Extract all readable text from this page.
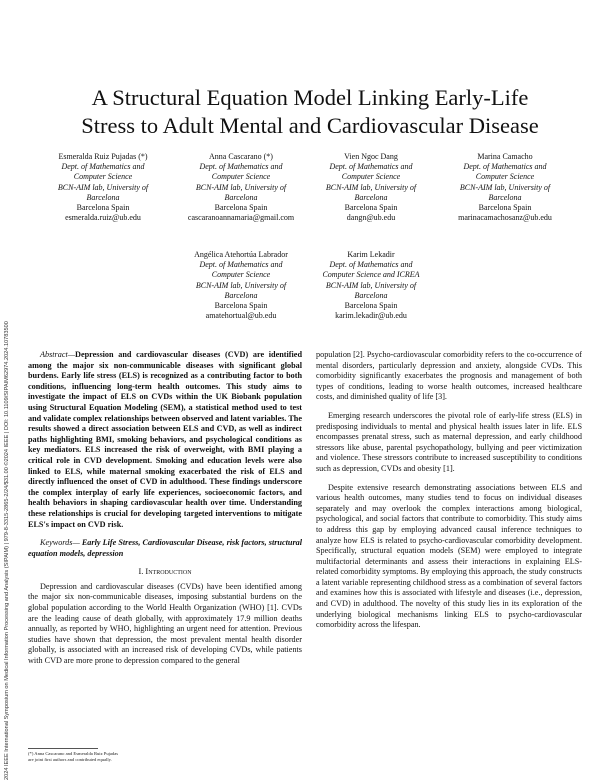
2024 IEEE International Symposium on Medical Information Processing and Analysis (SIPAIM) | 979-8-3315-2865-2/24/$31.00 ©2024 IEEE | DOI: 10.1109/SIPAIM62974.2024.10783500
A Structural Equation Model Linking Early-Life
Stress to Adult Mental and Cardiovascular Disease
Esmeralda Ruiz Pujadas (*)
Dept. of Mathematics and
Computer Science
BCN-AIM lab, University of
Barcelona
Barcelona Spain
esmeralda.ruiz@ub.edu
Anna Cascarano (*)
Dept. of Mathematics and
Computer Science
BCN-AIM lab, University of
Barcelona
Barcelona Spain
cascaranoannamaria@gmail.com
Vien Ngoc Dang
Dept. of Mathematics and
Computer Science
BCN-AIM lab, University of
Barcelona
Barcelona Spain
dangn@ub.edu
Marina Camacho
Dept. of Mathematics and
Computer Science
BCN-AIM lab, University of
Barcelona
Barcelona Spain
marinacamachosanz@ub.edu
Angélica Atehortúa Labrador
Dept. of Mathematics and
Computer Science
BCN-AIM lab, University of
Barcelona
Barcelona Spain
amatehortual@ub.edu
Karim Lekadir
Dept. of Mathematics and
Computer Science and ICREA
BCN-AIM lab, University of
Barcelona
Barcelona Spain
karim.lekadir@ub.edu

Abstract—Depression and cardiovascular diseases (CVD) are identified among the major six non-communicable diseases with significant global burdens. Early life stress (ELS) is recognized as a contributing factor to both conditions, influencing long-term health outcomes. This study aims to investigate the impact of ELS on CVDs within the UK Biobank population using Structural Equation Modeling (SEM), a statistical method used to test and validate complex relationships between observed and latent variables. The results showed a direct association between ELS and CVD, as well as indirect paths highlighting BMI, smoking behaviors, and psychological conditions as key mediators. ELS increased the risk of overweight, with BMI playing a critical role in CVD development. Smoking and education levels were also linked to ELS, while maternal smoking exacerbated the risk of ELS and directly influenced the onset of CVD in adulthood. These findings underscore the complex interplay of early life experiences, socioeconomic factors, and health behaviors in shaping cardiovascular health over time. Understanding these relationships is crucial for developing targeted interventions to mitigate ELS's impact on CVD risk.

Keywords— Early Life Stress, Cardiovascular Disease, risk factors, structural equation models, depression

I. Introduction

Depression and cardiovascular diseases (CVDs) have been identified among the major six non-communicable diseases, imposing substantial burdens on the global population according to the World Health Organization (WHO) [1]. CVDs are the leading cause of death globally, with approximately 17.9 million deaths annually, as reported by WHO, highlighting an urgent need for attention. Previous studies have shown that depression, the most prevalent mental health disorder globally, is associated with an increased risk of developing CVDs, while patients with CVD are more prone to depression compared to the general

population [2]. Psycho-cardiovascular comorbidity refers to the co-occurrence of mental disorders, particularly depression and anxiety, alongside CVDs. This comorbidity significantly exacerbates the prognosis and management of both types of conditions, leading to worse health outcomes, increased healthcare costs, and diminished quality of life [3].

Emerging research underscores the pivotal role of early-life stress (ELS) in predisposing individuals to mental and physical health issues later in life. ELS encompasses prenatal stress, such as maternal depression, and early childhood stressors like abuse, parental psychopathology, bullying and peer victimization and violence. These stressors contribute to increased susceptibility to conditions such as depression, CVDs and obesity [1].

Despite extensive research demonstrating associations between ELS and various health outcomes, many studies tend to focus on individual diseases separately and may overlook the complex interactions among biological, psychological, and social factors that contribute to comorbidity. This study aims to address this gap by employing advanced causal inference techniques to analyze how ELS is related to psycho-cardiovascular comorbidity development. Specifically, structural equation models (SEM) were employed to integrate multifactorial determinants and assess their interactions in explaining ELS-related comorbidity symptoms. By employing this approach, the study constructs a latent variable representing childhood stress as a combination of several factors and examines how this is associated with lifestyle and diseases (i.e., depression, and CVD) in adulthood. The novelty of this study lies in its exploration of the underlying biological mechanisms linking ELS to psycho-cardiovascular comorbidity across the lifespan.

(*) Anna Cascarano and Esmeralda Ruiz Pujadas
are joint first authors and contributed equally.
